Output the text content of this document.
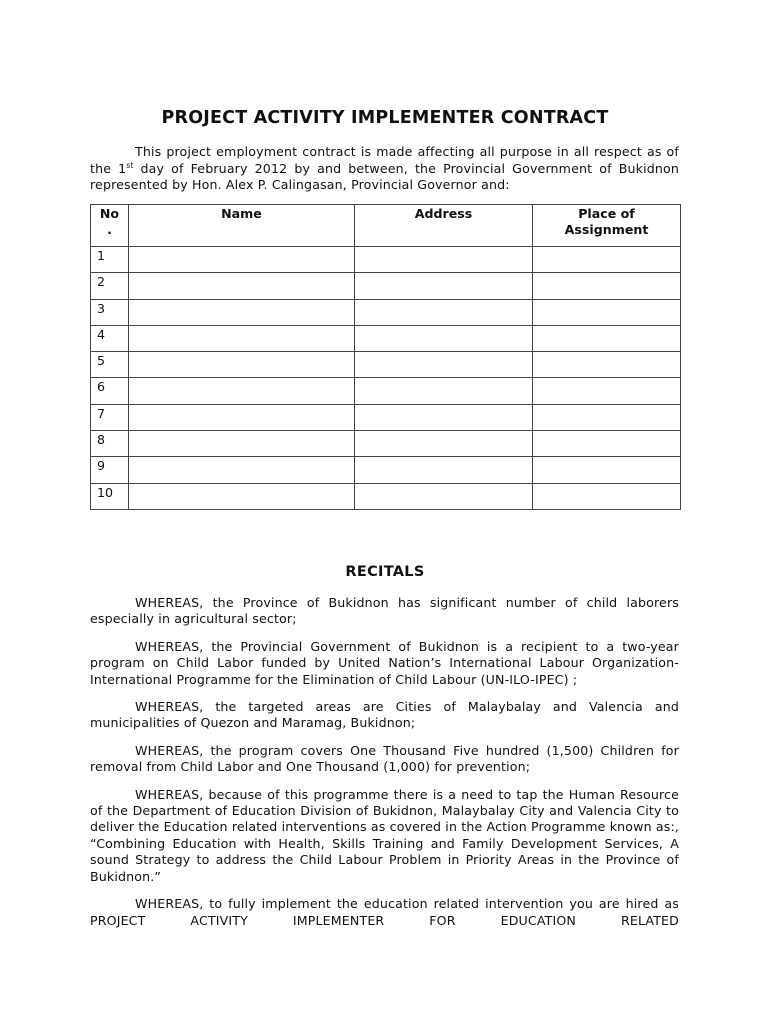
PROJECT ACTIVITY IMPLEMENTER CONTRACT
This project employment contract is made affecting all purpose in all respect as of the 1st day of February 2012 by and between, the Provincial Government of Bukidnon represented by Hon. Alex P. Calingasan, Provincial Governor and:
No .	Name	Address	Place of Assignment
1			
2			
3			
4			
5			
6			
7			
8			
9			
10			
RECITALS

WHEREAS, the Province of Bukidnon has significant number of child laborers especially in agricultural sector;

WHEREAS, the Provincial Government of Bukidnon is a recipient to a two-year program on Child Labor funded by United Nation’s International Labour Organization-International Programme for the Elimination of Child Labour (UN-ILO-IPEC) ;

WHEREAS, the targeted areas are Cities of Malaybalay and Valencia and municipalities of Quezon and Maramag, Bukidnon;

WHEREAS, the program covers One Thousand Five hundred (1,500) Children for removal from Child Labor and One Thousand (1,000) for prevention;

WHEREAS, because of this programme there is a need to tap the Human Resource of the Department of Education Division of Bukidnon, Malaybalay City and Valencia City to deliver the Education related interventions as covered in the Action Programme known as:, “Combining Education with Health, Skills Training and Family Development Services, A sound Strategy to address the Child Labour Problem in Priority Areas in the Province of Bukidnon.”

WHEREAS, to fully implement the education related intervention you are hired as PROJECT ACTIVITY IMPLEMENTER FOR EDUCATION RELATED
